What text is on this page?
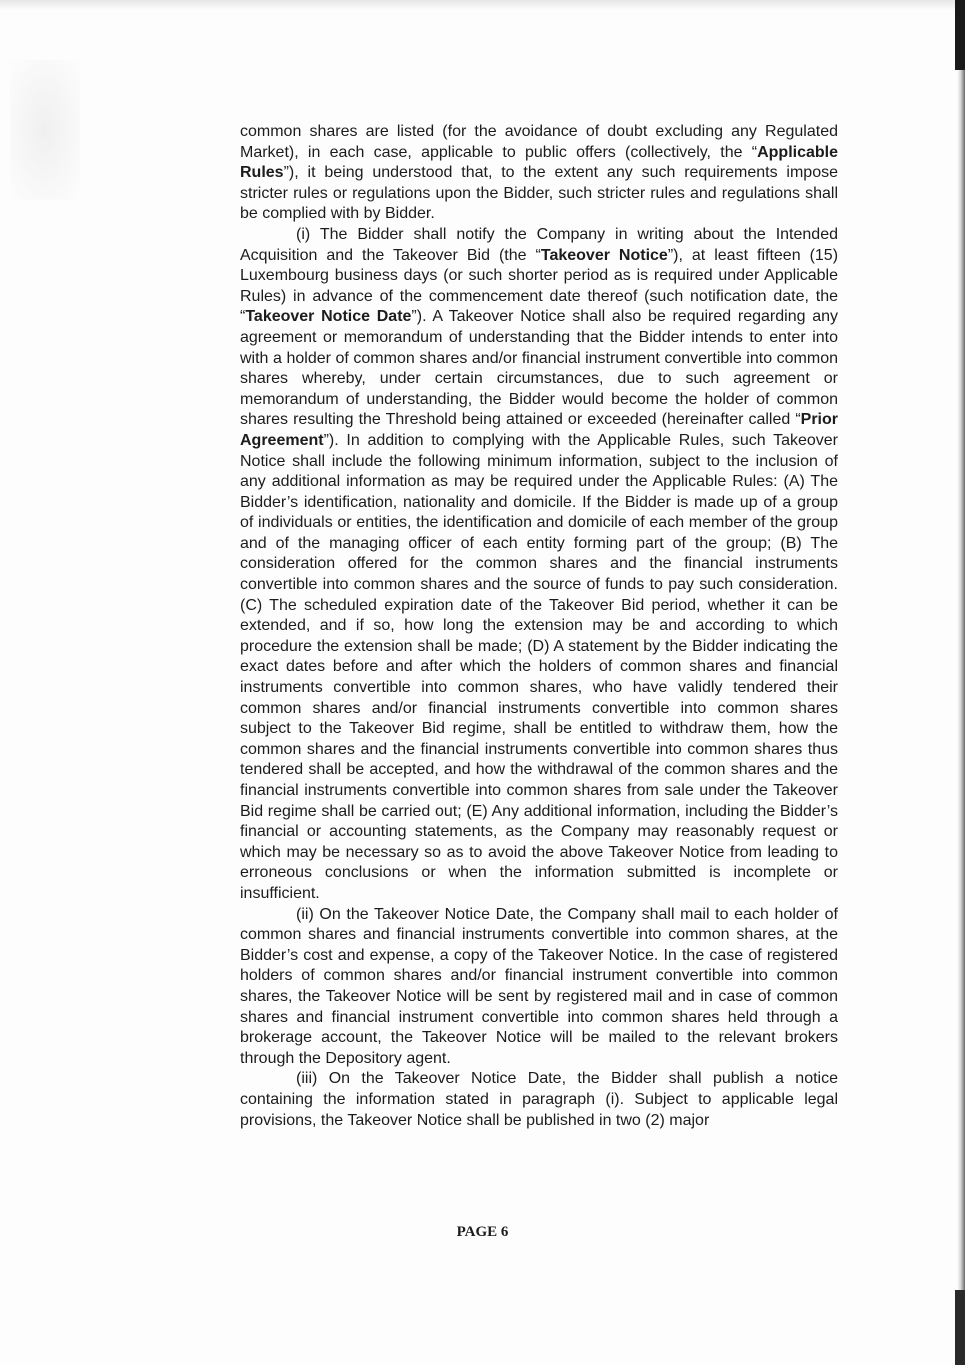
common shares are listed (for the avoidance of doubt excluding any Regulated Market), in each case, applicable to public offers (collectively, the “Applicable Rules”), it being understood that, to the extent any such requirements impose stricter rules or regulations upon the Bidder, such stricter rules and regulations shall be complied with by Bidder.

(i) The Bidder shall notify the Company in writing about the Intended Acquisition and the Takeover Bid (the “Takeover Notice”), at least fifteen (15) Luxembourg business days (or such shorter period as is required under Applicable Rules) in advance of the commencement date thereof (such notification date, the “Takeover Notice Date”). A Takeover Notice shall also be required regarding any agreement or memorandum of understanding that the Bidder intends to enter into with a holder of common shares and/or financial instrument convertible into common shares whereby, under certain circumstances, due to such agreement or memorandum of understanding, the Bidder would become the holder of common shares resulting the Threshold being attained or exceeded (hereinafter called “Prior Agreement”). In addition to complying with the Applicable Rules, such Takeover Notice shall include the following minimum information, subject to the inclusion of any additional information as may be required under the Applicable Rules: (A) The Bidder’s identification, nationality and domicile. If the Bidder is made up of a group of individuals or entities, the identification and domicile of each member of the group and of the managing officer of each entity forming part of the group; (B) The consideration offered for the common shares and the financial instruments convertible into common shares and the source of funds to pay such consideration. (C) The scheduled expiration date of the Takeover Bid period, whether it can be extended, and if so, how long the extension may be and according to which procedure the extension shall be made; (D) A statement by the Bidder indicating the exact dates before and after which the holders of common shares and financial instruments convertible into common shares, who have validly tendered their common shares and/or financial instruments convertible into common shares subject to the Takeover Bid regime, shall be entitled to withdraw them, how the common shares and the financial instruments convertible into common shares thus tendered shall be accepted, and how the withdrawal of the common shares and the financial instruments convertible into common shares from sale under the Takeover Bid regime shall be carried out; (E) Any additional information, including the Bidder’s financial or accounting statements, as the Company may reasonably request or which may be necessary so as to avoid the above Takeover Notice from leading to erroneous conclusions or when the information submitted is incomplete or insufficient.

(ii) On the Takeover Notice Date, the Company shall mail to each holder of common shares and financial instruments convertible into common shares, at the Bidder’s cost and expense, a copy of the Takeover Notice. In the case of registered holders of common shares and/or financial instrument convertible into common shares, the Takeover Notice will be sent by registered mail and in case of common shares and financial instrument convertible into common shares held through a brokerage account, the Takeover Notice will be mailed to the relevant brokers through the Depository agent.

(iii) On the Takeover Notice Date, the Bidder shall publish a notice containing the information stated in paragraph (i). Subject to applicable legal provisions, the Takeover Notice shall be published in two (2) major

PAGE 6
